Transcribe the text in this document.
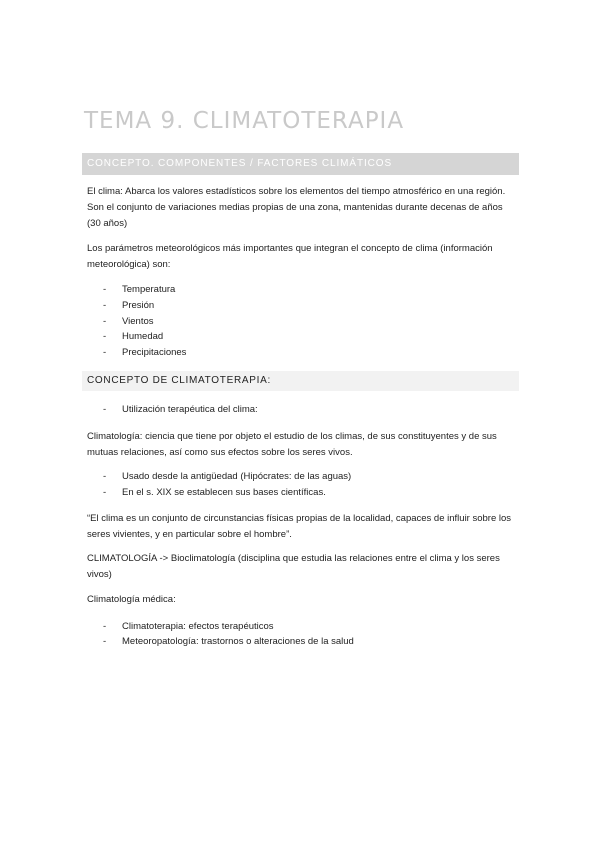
TEMA 9. CLIMATOTERAPIA
CONCEPTO. COMPONENTES / FACTORES CLIMÁTICOS

El clima: Abarca los valores estadísticos sobre los elementos del tiempo atmosférico en una región. Son el conjunto de variaciones medias propias de una zona, mantenidas durante decenas de años (30 años)

Los parámetros meteorológicos más importantes que integran el concepto de clima (información meteorológica) son:

- Temperatura
- Presión
- Vientos
- Humedad
- Precipitaciones
CONCEPTO DE CLIMATOTERAPIA:
- Utilización terapéutica del clima:

Climatología: ciencia que tiene por objeto el estudio de los climas, de sus constituyentes y de sus mutuas relaciones, así como sus efectos sobre los seres vivos.

- Usado desde la antigüedad (Hipócrates: de las aguas)
- En el s. XIX se establecen sus bases científicas.

“El clima es un conjunto de circunstancias físicas propias de la localidad, capaces de influir sobre los seres vivientes, y en particular sobre el hombre”.

CLIMATOLOGÍA -> Bioclimatología (disciplina que estudia las relaciones entre el clima y los seres vivos)

Climatología médica:

- Climatoterapia: efectos terapéuticos
- Meteoropatología: trastornos o alteraciones de la salud
